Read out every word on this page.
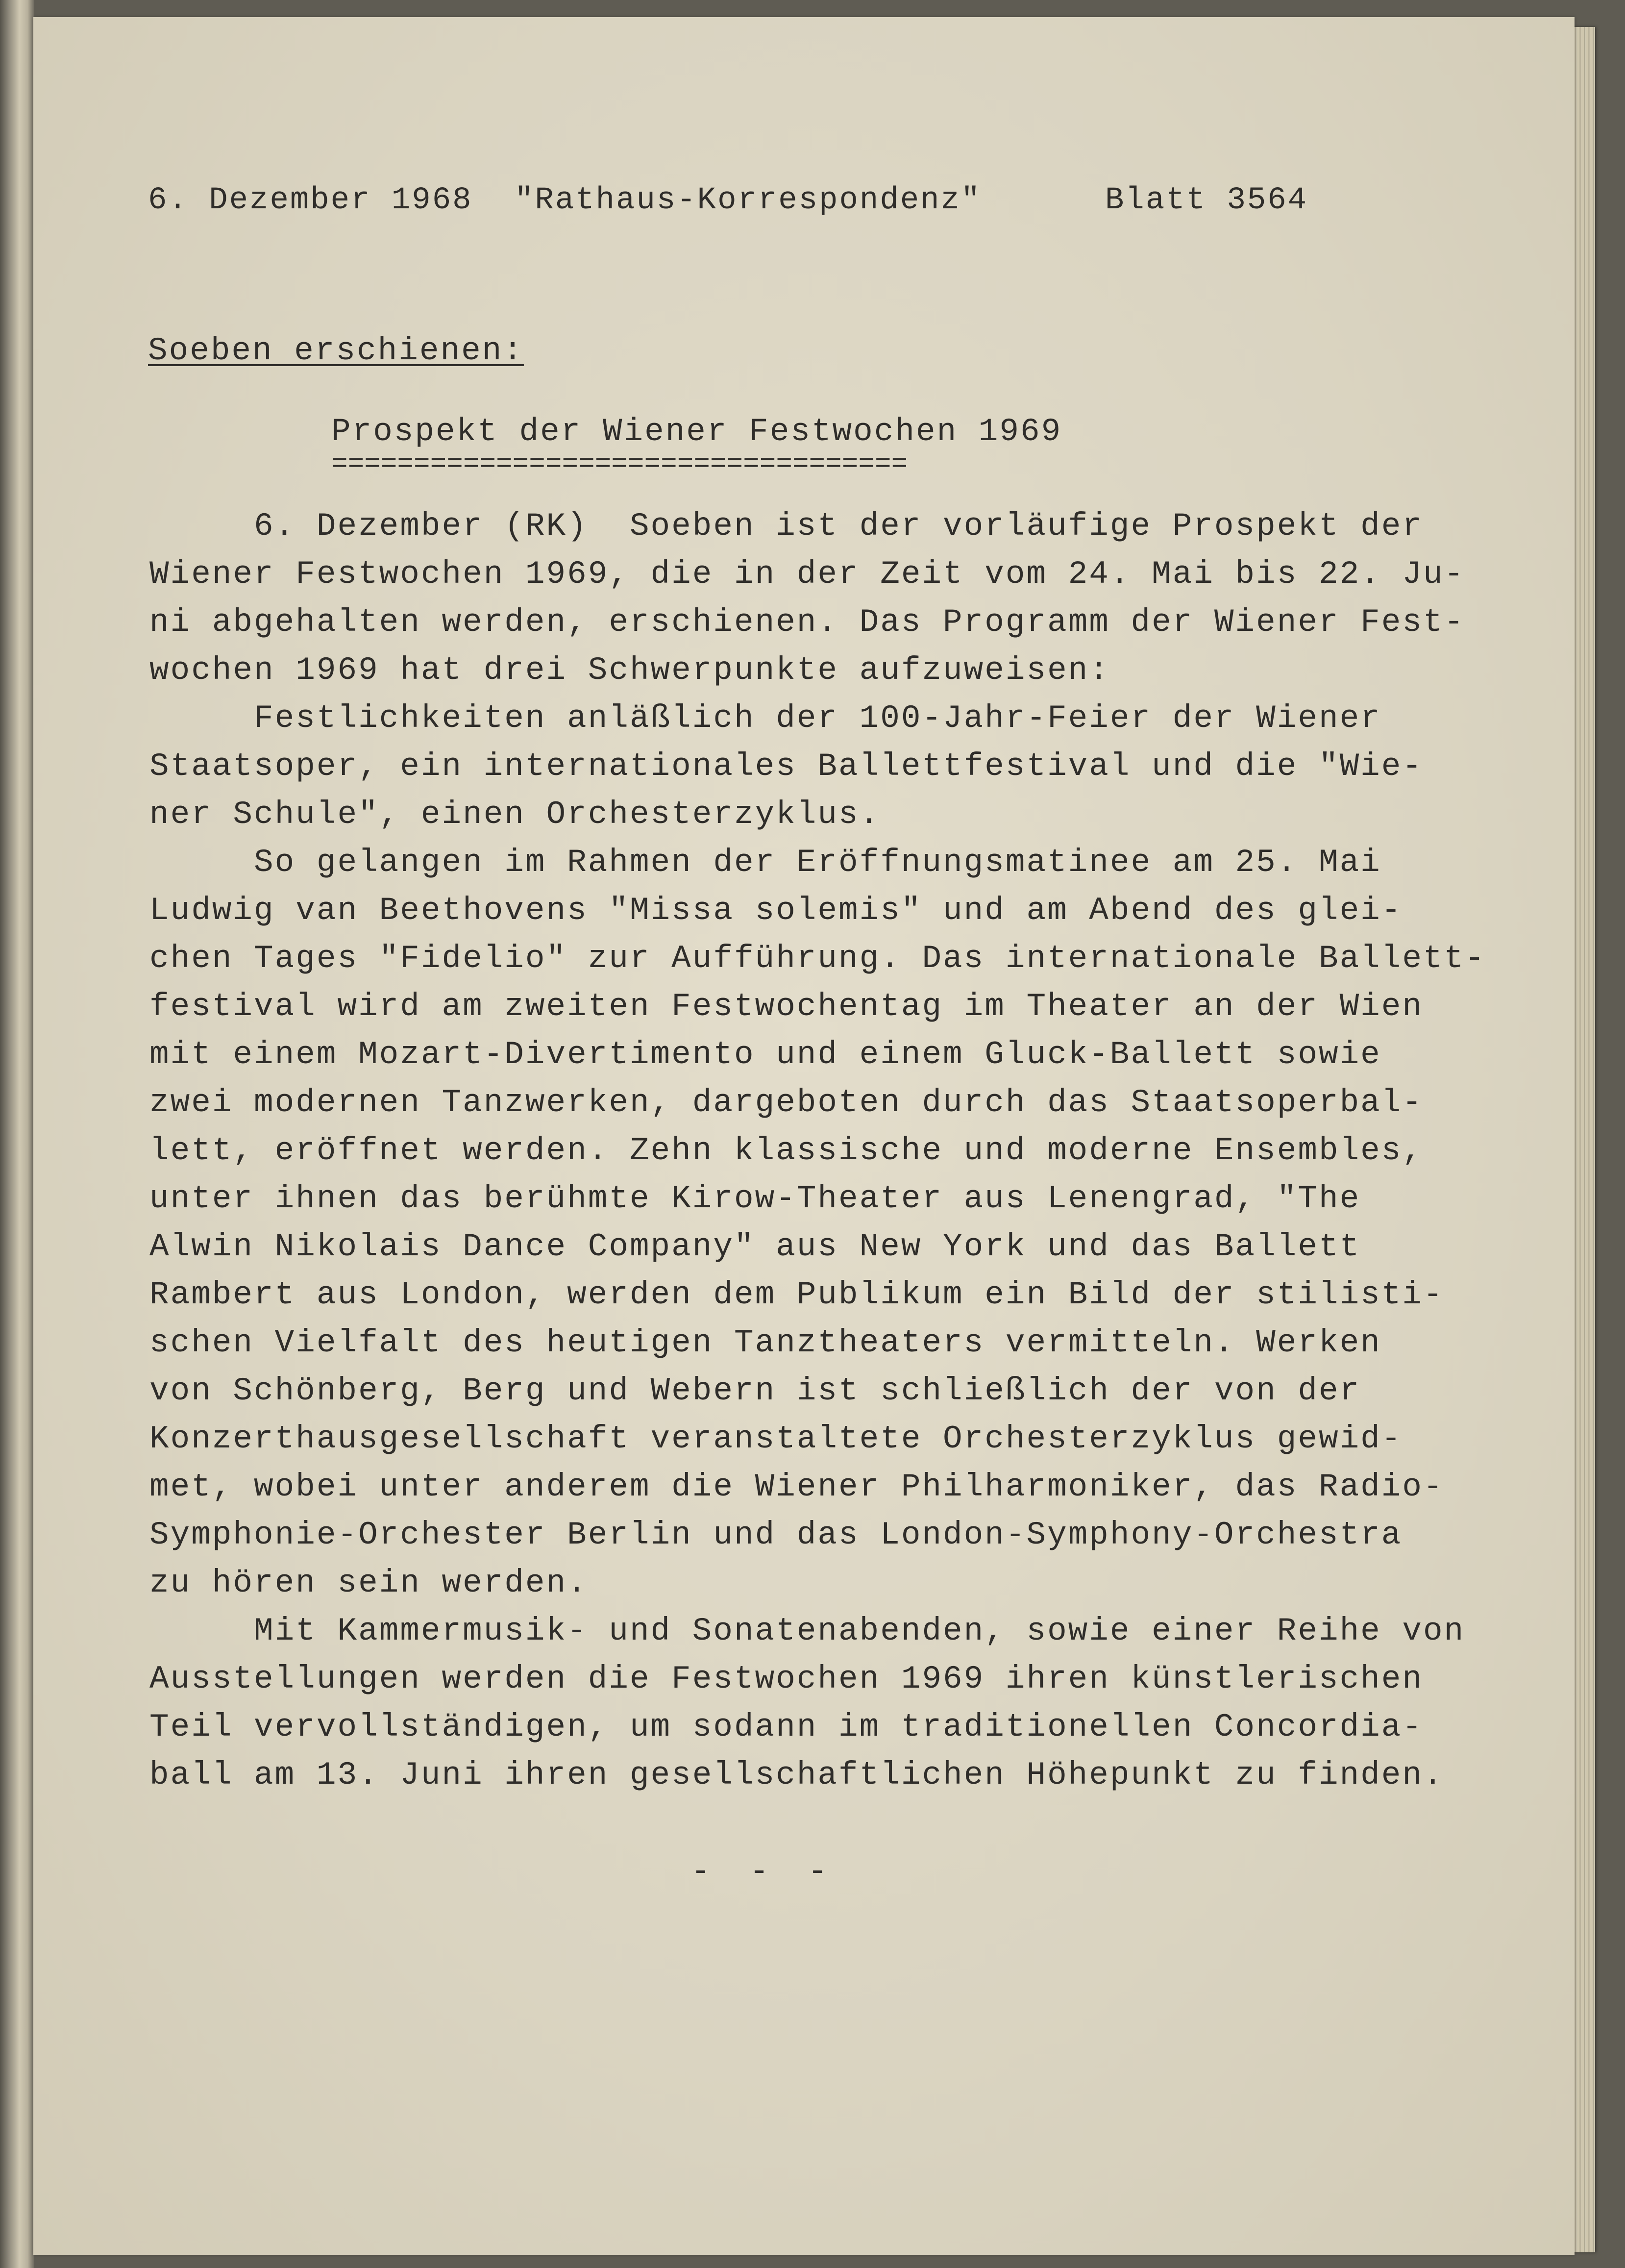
6. Dezember 1968 "Rathaus-Korrespondenz"	Blatt 3564
Soeben erschienen:
Prospekt der Wiener Festwochen 1969
===================================
6. Dezember (RK)  Soeben ist der vorläufige Prospekt der
Wiener Festwochen 1969, die in der Zeit vom 24. Mai bis 22. Ju-
ni abgehalten werden, erschienen. Das Programm der Wiener Fest-
wochen 1969 hat drei Schwerpunkte aufzuweisen:
Festlichkeiten anläßlich der 100-Jahr-Feier der Wiener
Staatsoper, ein internationales Ballettfestival und die "Wie-
ner Schule", einen Orchesterzyklus.
So gelangen im Rahmen der Eröffnungsmatinee am 25. Mai
Ludwig van Beethovens "Missa solemis" und am Abend des glei-
chen Tages "Fidelio" zur Aufführung. Das internationale Ballett-
festival wird am zweiten Festwochentag im Theater an der Wien
mit einem Mozart-Divertimento und einem Gluck-Ballett sowie
zwei modernen Tanzwerken, dargeboten durch das Staatsoperbal-
lett, eröffnet werden. Zehn klassische und moderne Ensembles,
unter ihnen das berühmte Kirow-Theater aus Lenengrad, "The
Alwin Nikolais Dance Company" aus New York und das Ballett
Rambert aus London, werden dem Publikum ein Bild der stilisti-
schen Vielfalt des heutigen Tanztheaters vermitteln. Werken
von Schönberg, Berg und Webern ist schließlich der von der
Konzerthausgesellschaft veranstaltete Orchesterzyklus gewid-
met, wobei unter anderem die Wiener Philharmoniker, das Radio-
Symphonie-Orchester Berlin und das London-Symphony-Orchestra
zu hören sein werden.
Mit Kammermusik- und Sonatenabenden, sowie einer Reihe von
Ausstellungen werden die Festwochen 1969 ihren künstlerischen
Teil vervollständigen, um sodann im traditionellen Concordia-
ball am 13. Juni ihren gesellschaftlichen Höhepunkt zu finden.
- - -
